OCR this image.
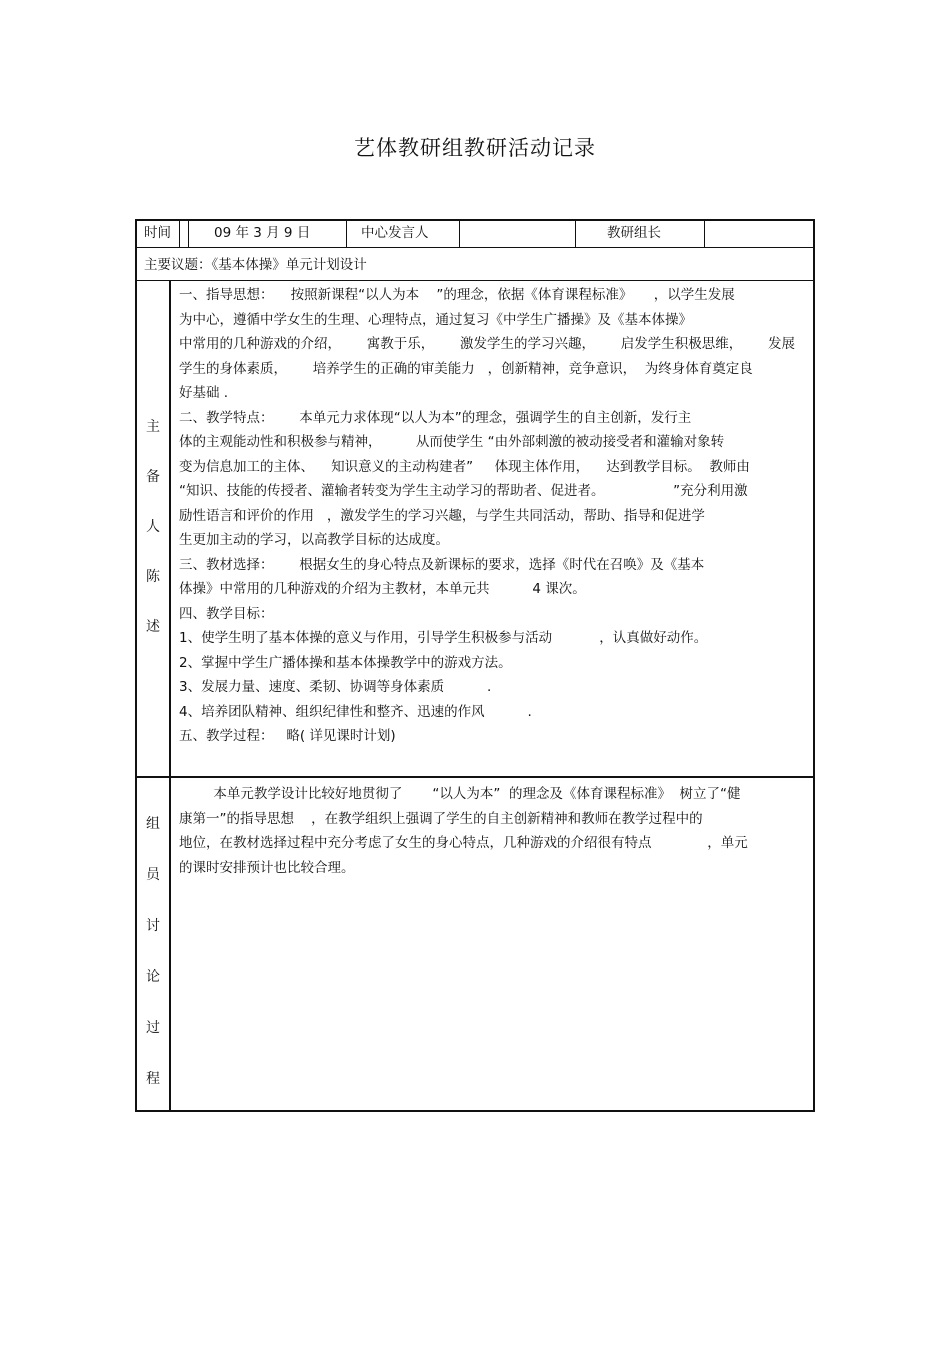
艺体教研组教研活动记录
时间	09 年 3 月 9 日	中心发言人	教研组长
主要议题：《基本体操》单元计划设计
主
备
人
陈
述
一、指导思想：    按照新课程“以人为本    ”的理念，依据《体育课程标准》     ，以学生发展
为中心，遵循中学女生的生理、心理特点，通过复习《中学生广播操》及《基本体操》
中常用的几种游戏的介绍，      寓教于乐，      激发学生的学习兴趣，      启发学生积极思维，      发展
学生的身体素质，      培养学生的正确的审美能力   ，创新精神，竞争意识，  为终身体育奠定良
好基础 .
二、教学特点：      本单元力求体现“以人为本”的理念，强调学生的自主创新，发行主
体的主观能动性和积极参与精神，        从而使学生 “由外部刺激的被动接受者和灌输对象转
变为信息加工的主体、    知识意义的主动构建者”     体现主体作用，    达到教学目标。  教师由
“知识、技能的传授者、灌输者转变为学生主动学习的帮助者、促进者。                ”充分利用激
励性语言和评价的作用   ，激发学生的学习兴趣，与学生共同活动，帮助、指导和促进学
生更加主动的学习，以高教学目标的达成度。
三、教材选择：      根据女生的身心特点及新课标的要求，选择《时代在召唤》及《基本
体操》中常用的几种游戏的介绍为主教材，本单元共          4 课次。
四、教学目标：
1、使学生明了基本体操的意义与作用，引导学生积极参与活动           ，认真做好动作。
2、掌握中学生广播体操和基本体操教学中的游戏方法。
3、发展力量、速度、柔韧、协调等身体素质          .
4、培养团队精神、组织纪律性和整齐、迅速的作风          .
五、教学过程：   略( 详见课时计划)
组
员
讨
论
过
程
本单元教学设计比较好地贯彻了       “以人为本”  的理念及《体育课程标准》  树立了“健
康第一”的指导思想    ，在教学组织上强调了学生的自主创新精神和教师在教学过程中的
地位，在教材选择过程中充分考虑了女生的身心特点，几种游戏的介绍很有特点             ，单元
的课时安排预计也比较合理。
